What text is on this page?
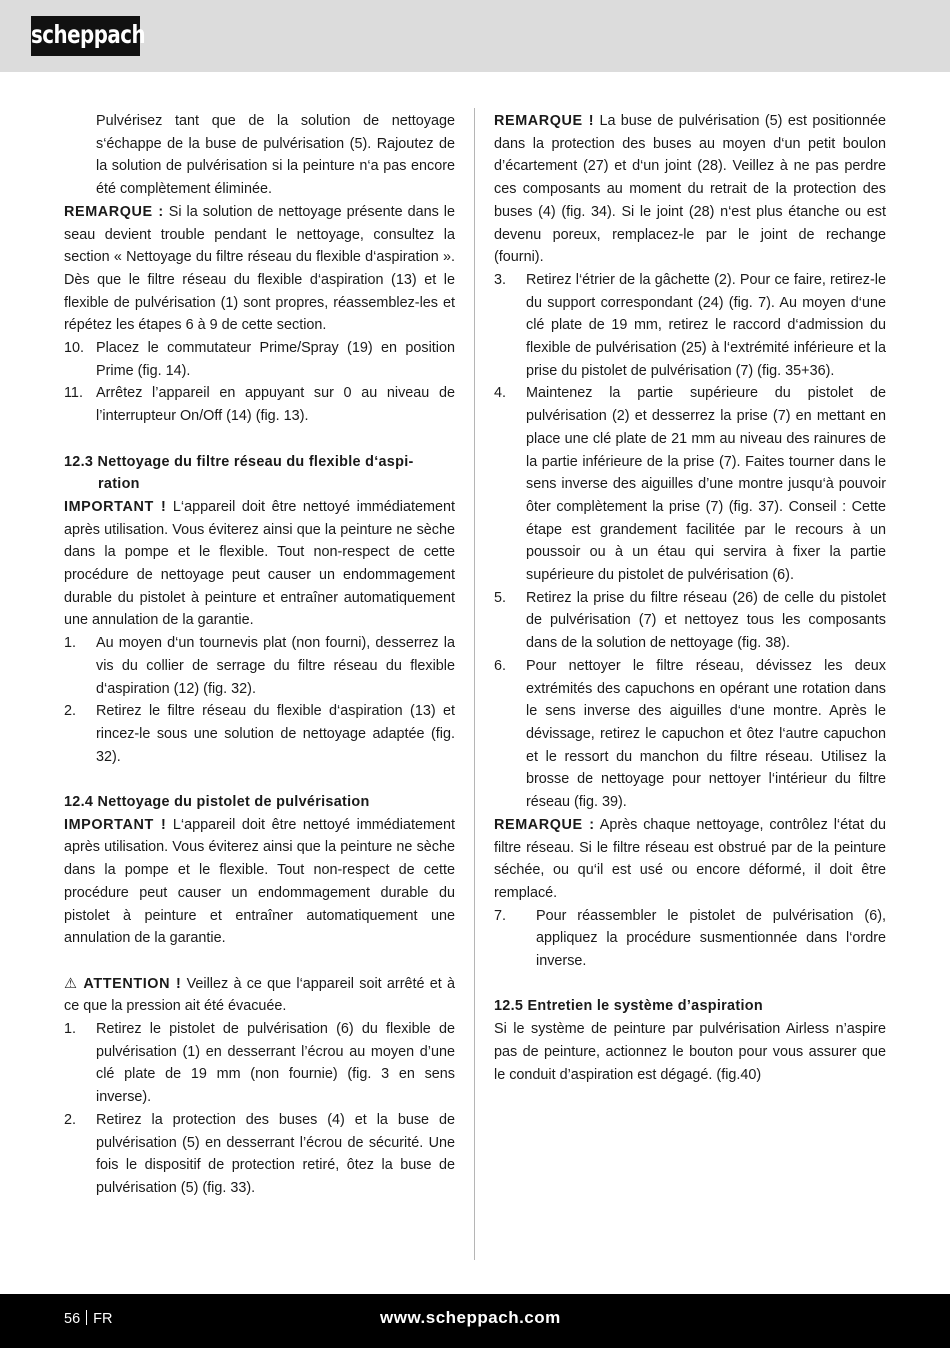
scheppach

Pulvérisez tant que de la solution de nettoyage s‘échappe de la buse de pulvérisation (5). Rajoutez de la solution de pulvérisation si la peinture n‘a pas encore été complètement éliminée.

REMARQUE : Si la solution de nettoyage présente dans le seau devient trouble pendant le nettoyage, consultez la section « Nettoyage du filtre réseau du flexible d‘aspiration ». Dès que le filtre réseau du flexible d‘aspiration (13) et le flexible de pulvérisation (1) sont propres, réassemblez-les et répétez les étapes 6 à 9 de cette section.

10. Placez le commutateur Prime/Spray (19) en position Prime (fig. 14).

11. Arrêtez l’appareil en appuyant sur 0 au niveau de l’interrupteur On/Off (14) (fig. 13).

12.3 Nettoyage du filtre réseau du flexible d‘aspi-

ration

IMPORTANT ! L‘appareil doit être nettoyé immédiatement après utilisation. Vous éviterez ainsi que la peinture ne sèche dans la pompe et le flexible. Tout non-respect de cette procédure de nettoyage peut causer un endommagement durable du pistolet à peinture et entraîner automatiquement une annulation de la garantie.

1. Au moyen d‘un tournevis plat (non fourni), desserrez la vis du collier de serrage du filtre réseau du flexible d‘aspiration (12) (fig. 32).

2. Retirez le filtre réseau du flexible d‘aspiration (13) et rincez-le sous une solution de nettoyage adaptée (fig. 32).

12.4 Nettoyage du pistolet de pulvérisation

IMPORTANT ! L‘appareil doit être nettoyé immédiatement après utilisation. Vous éviterez ainsi que la peinture ne sèche dans la pompe et le flexible. Tout non-respect de cette procédure peut causer un endommagement durable du pistolet à peinture et entraîner automatiquement une annulation de la garantie.

⚠ ATTENTION ! Veillez à ce que l‘appareil soit arrêté et à ce que la pression ait été évacuée.

1. Retirez le pistolet de pulvérisation (6) du flexible de pulvérisation (1) en desserrant l’écrou au moyen d’une clé plate de 19 mm (non fournie) (fig. 3 en sens inverse).

2. Retirez la protection des buses (4) et la buse de pulvérisation (5) en desserrant l’écrou de sécurité. Une fois le dispositif de protection retiré, ôtez la buse de pulvérisation (5) (fig. 33).

REMARQUE ! La buse de pulvérisation (5) est positionnée dans la protection des buses au moyen d‘un petit boulon d’écartement (27) et d‘un joint (28). Veillez à ne pas perdre ces composants au moment du retrait de la protection des buses (4) (fig. 34). Si le joint (28) n‘est plus étanche ou est devenu poreux, remplacez-le par le joint de rechange (fourni).

3. Retirez l‘étrier de la gâchette (2). Pour ce faire, retirez-le du support correspondant (24) (fig. 7). Au moyen d‘une clé plate de 19 mm, retirez le raccord d‘admission du flexible de pulvérisation (25) à l‘extrémité inférieure et la prise du pistolet de pulvérisation (7) (fig. 35+36).

4. Maintenez la partie supérieure du pistolet de pulvérisation (2) et desserrez la prise (7) en mettant en place une clé plate de 21 mm au niveau des rainures de la partie inférieure de la prise (7). Faites tourner dans le sens inverse des aiguilles d’une montre jusqu‘à pouvoir ôter complètement la prise (7) (fig. 37). Conseil : Cette étape est grandement facilitée par le recours à un poussoir ou à un étau qui servira à fixer la partie supérieure du pistolet de pulvérisation (6).

5. Retirez la prise du filtre réseau (26) de celle du pistolet de pulvérisation (7) et nettoyez tous les composants dans de la solution de nettoyage (fig. 38).

6. Pour nettoyer le filtre réseau, dévissez les deux extrémités des capuchons en opérant une rotation dans le sens inverse des aiguilles d‘une montre. Après le dévissage, retirez le capuchon et ôtez l‘autre capuchon et le ressort du manchon du filtre réseau. Utilisez la brosse de nettoyage pour nettoyer l‘intérieur du filtre réseau (fig. 39).

REMARQUE : Après chaque nettoyage, contrôlez l‘état du filtre réseau. Si le filtre réseau est obstrué par de la peinture séchée, ou qu‘il est usé ou encore déformé, il doit être remplacé.

7. Pour réassembler le pistolet de pulvérisation (6), appliquez la procédure susmentionnée dans l‘ordre inverse.

12.5 Entretien le système d’aspiration

Si le système de peinture par pulvérisation Airless n’aspire pas de peinture, actionnez le bouton pour vous assurer que le conduit d’aspiration est dégagé. (fig.40)

56 FR	www.scheppach.com
